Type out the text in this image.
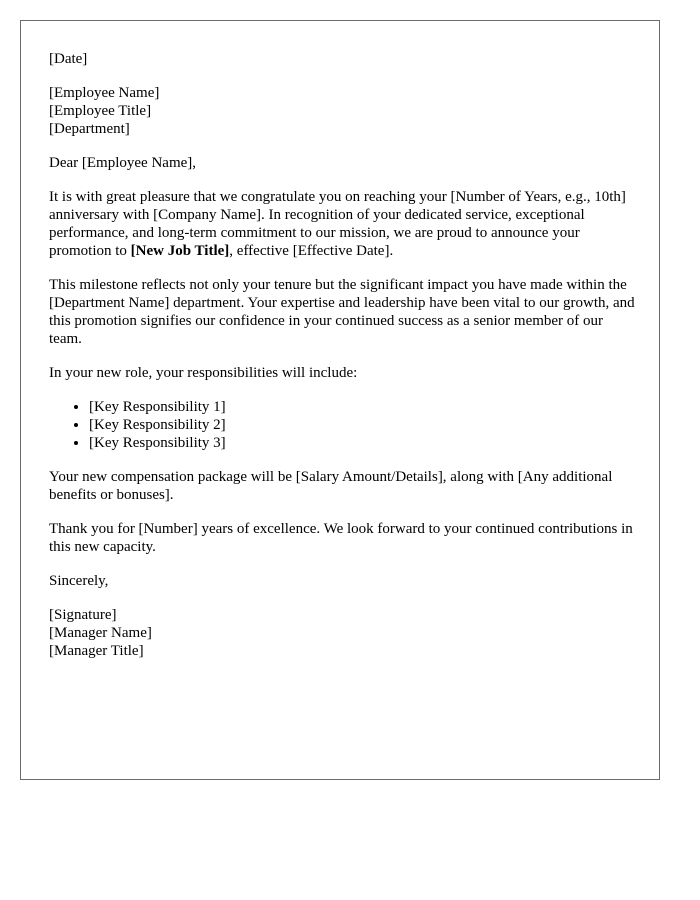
[Date]

[Employee Name]
[Employee Title]
[Department]

Dear [Employee Name],

It is with great pleasure that we congratulate you on reaching your [Number of Years, e.g., 10th] anniversary with [Company Name]. In recognition of your dedicated service, exceptional performance, and long-term commitment to our mission, we are proud to announce your promotion to [New Job Title], effective [Effective Date].

This milestone reflects not only your tenure but the significant impact you have made within the [Department Name] department. Your expertise and leadership have been vital to our growth, and this promotion signifies our confidence in your continued success as a senior member of our team.

In your new role, your responsibilities will include:

• [Key Responsibility 1]
• [Key Responsibility 2]
• [Key Responsibility 3]

Your new compensation package will be [Salary Amount/Details], along with [Any additional benefits or bonuses].

Thank you for [Number] years of excellence. We look forward to your continued contributions in this new capacity.

Sincerely,

[Signature]
[Manager Name]
[Manager Title]
